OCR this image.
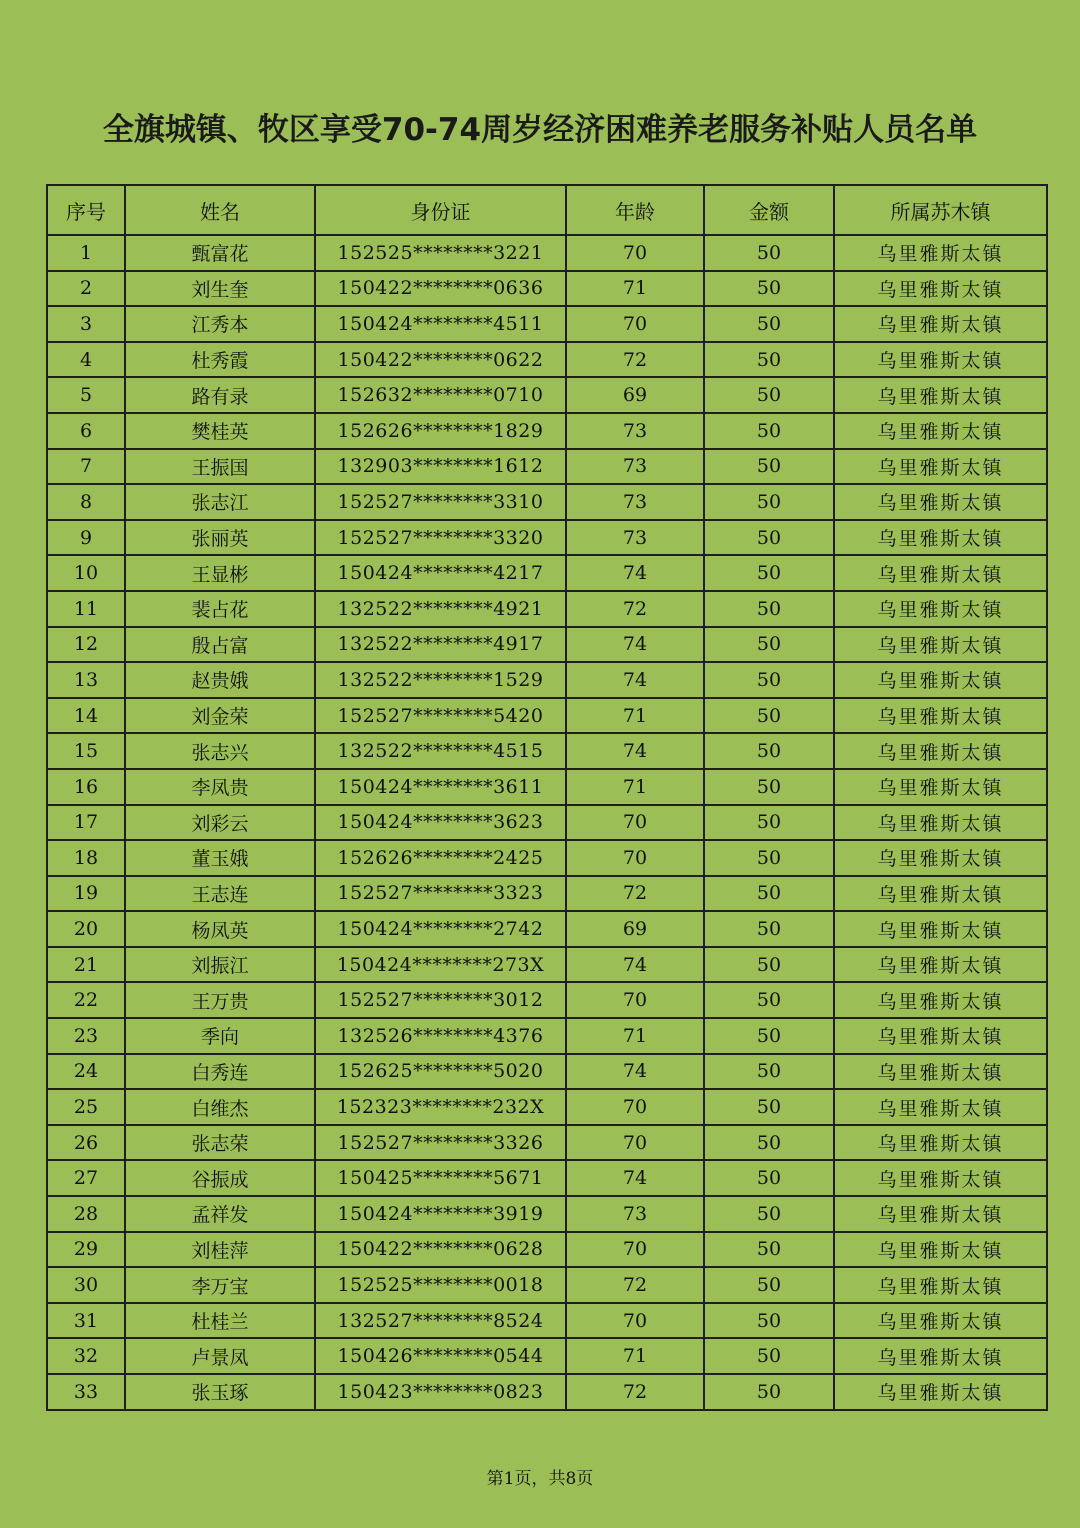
全旗城镇、牧区享受70-74周岁经济困难养老服务补贴人员名单
序号	姓名	身份证	年龄	金额	所属苏木镇
1	甄富花	152525********3221	70	50	乌里雅斯太镇
2	刘生奎	150422********0636	71	50	乌里雅斯太镇
3	江秀本	150424********4511	70	50	乌里雅斯太镇
4	杜秀霞	150422********0622	72	50	乌里雅斯太镇
5	路有录	152632********0710	69	50	乌里雅斯太镇
6	樊桂英	152626********1829	73	50	乌里雅斯太镇
7	王振国	132903********1612	73	50	乌里雅斯太镇
8	张志江	152527********3310	73	50	乌里雅斯太镇
9	张丽英	152527********3320	73	50	乌里雅斯太镇
10	王显彬	150424********4217	74	50	乌里雅斯太镇
11	裴占花	132522********4921	72	50	乌里雅斯太镇
12	殷占富	132522********4917	74	50	乌里雅斯太镇
13	赵贵娥	132522********1529	74	50	乌里雅斯太镇
14	刘金荣	152527********5420	71	50	乌里雅斯太镇
15	张志兴	132522********4515	74	50	乌里雅斯太镇
16	李凤贵	150424********3611	71	50	乌里雅斯太镇
17	刘彩云	150424********3623	70	50	乌里雅斯太镇
18	董玉娥	152626********2425	70	50	乌里雅斯太镇
19	王志连	152527********3323	72	50	乌里雅斯太镇
20	杨凤英	150424********2742	69	50	乌里雅斯太镇
21	刘振江	150424********273X	74	50	乌里雅斯太镇
22	王万贵	152527********3012	70	50	乌里雅斯太镇
23	季向	132526********4376	71	50	乌里雅斯太镇
24	白秀连	152625********5020	74	50	乌里雅斯太镇
25	白维杰	152323********232X	70	50	乌里雅斯太镇
26	张志荣	152527********3326	70	50	乌里雅斯太镇
27	谷振成	150425********5671	74	50	乌里雅斯太镇
28	孟祥发	150424********3919	73	50	乌里雅斯太镇
29	刘桂萍	150422********0628	70	50	乌里雅斯太镇
30	李万宝	152525********0018	72	50	乌里雅斯太镇
31	杜桂兰	132527********8524	70	50	乌里雅斯太镇
32	卢景凤	150426********0544	71	50	乌里雅斯太镇
33	张玉琢	150423********0823	72	50	乌里雅斯太镇
第1页，共8页
